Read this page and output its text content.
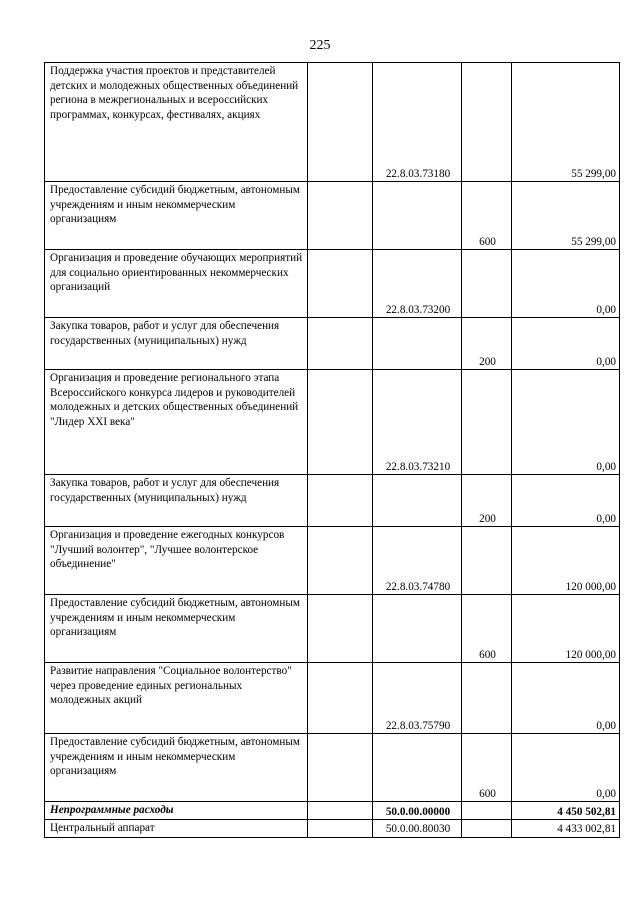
225
Поддержка участия проектов и представителей детских и молодежных общественных объединений региона в межрегиональных и всероссийских программах, конкурсах, фестивалях, акциях		22.8.03.73180		55 299,00
Предоставление субсидий бюджетным, автономным учреждениям и иным некоммерческим организациям			600	55 299,00
Организация и проведение обучающих мероприятий для социально ориентированных некоммерческих организаций		22.8.03.73200		0,00
Закупка товаров, работ и услуг для обеспечения государственных (муниципальных) нужд			200	0,00
Организация и проведение регионального этапа Всероссийского конкурса лидеров и руководителей молодежных и детских общественных объединений "Лидер XXI века"		22.8.03.73210		0,00
Закупка товаров, работ и услуг для обеспечения государственных (муниципальных) нужд			200	0,00
Организация и проведение ежегодных конкурсов "Лучший волонтер", "Лучшее волонтерское объединение"		22.8.03.74780		120 000,00
Предоставление субсидий бюджетным, автономным учреждениям и иным некоммерческим организациям			600	120 000,00
Развитие направления "Социальное волонтерство" через проведение единых региональных молодежных акций		22.8.03.75790		0,00
Предоставление субсидий бюджетным, автономным учреждениям и иным некоммерческим организациям			600	0,00
Непрограммные расходы		50.0.00.00000		4 450 502,81
Центральный аппарат		50.0.00.80030		4 433 002,81
